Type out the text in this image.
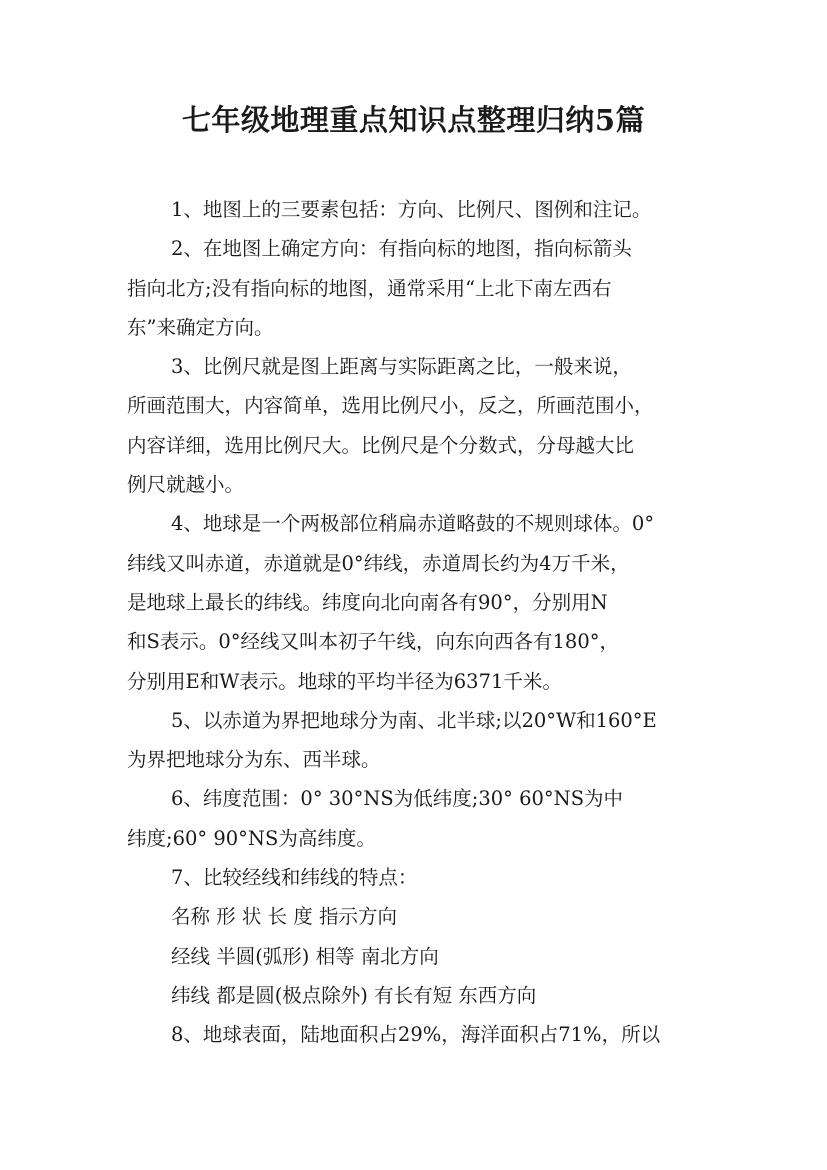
七年级地理重点知识点整理归纳5篇
1、地图上的三要素包括：方向、比例尺、图例和注记。
2、在地图上确定方向：有指向标的地图，指向标箭头
指向北方;没有指向标的地图，通常采用“上北下南左西右
东”来确定方向。
3、比例尺就是图上距离与实际距离之比，一般来说，
所画范围大，内容简单，选用比例尺小，反之，所画范围小，
内容详细，选用比例尺大。比例尺是个分数式，分母越大比
例尺就越小。
4、地球是一个两极部位稍扁赤道略鼓的不规则球体。0°
纬线又叫赤道，赤道就是0°纬线，赤道周长约为4万千米，
是地球上最长的纬线。纬度向北向南各有90°，分别用N
和S表示。0°经线又叫本初子午线，向东向西各有180°，
分别用E和W表示。地球的平均半径为6371千米。
5、以赤道为界把地球分为南、北半球;以20°W和160°E
为界把地球分为东、西半球。
6、纬度范围：0° 30°NS为低纬度;30° 60°NS为中
纬度;60° 90°NS为高纬度。
7、比较经线和纬线的特点：
名称 形 状 长 度 指示方向
经线 半圆(弧形) 相等 南北方向
纬线 都是圆(极点除外) 有长有短 东西方向
8、地球表面，陆地面积占29%，海洋面积占71%，所以
